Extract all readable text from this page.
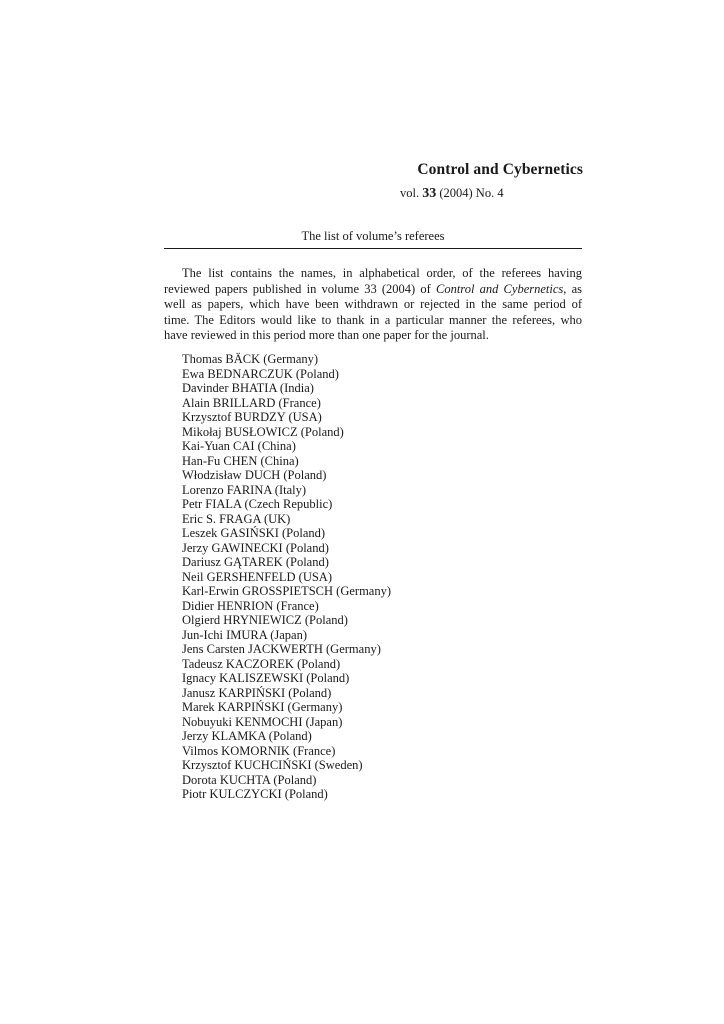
Control and Cybernetics
vol. 33 (2004) No. 4
The list of volume’s referees
The list contains the names, in alphabetical order, of the referees having
reviewed papers published in volume 33 (2004) of Control and Cybernetics, as
well as papers, which have been withdrawn or rejected in the same period of
time. The Editors would like to thank in a particular manner the referees, who
have reviewed in this period more than one paper for the journal.
Thomas BÄCK (Germany)
Ewa BEDNARCZUK (Poland)
Davinder BHATIA (India)
Alain BRILLARD (France)
Krzysztof BURDZY (USA)
Mikołaj BUSŁOWICZ (Poland)
Kai-Yuan CAI (China)
Han-Fu CHEN (China)
Włodzisław DUCH (Poland)
Lorenzo FARINA (Italy)
Petr FIALA (Czech Republic)
Eric S. FRAGA (UK)
Leszek GASIŃSKI (Poland)
Jerzy GAWINECKI (Poland)
Dariusz GĄTAREK (Poland)
Neil GERSHENFELD (USA)
Karl-Erwin GROSSPIETSCH (Germany)
Didier HENRION (France)
Olgierd HRYNIEWICZ (Poland)
Jun-Ichi IMURA (Japan)
Jens Carsten JACKWERTH (Germany)
Tadeusz KACZOREK (Poland)
Ignacy KALISZEWSKI (Poland)
Janusz KARPIŃSKI (Poland)
Marek KARPIŃSKI (Germany)
Nobuyuki KENMOCHI (Japan)
Jerzy KLAMKA (Poland)
Vilmos KOMORNIK (France)
Krzysztof KUCHCIŃSKI (Sweden)
Dorota KUCHTA (Poland)
Piotr KULCZYCKI (Poland)
